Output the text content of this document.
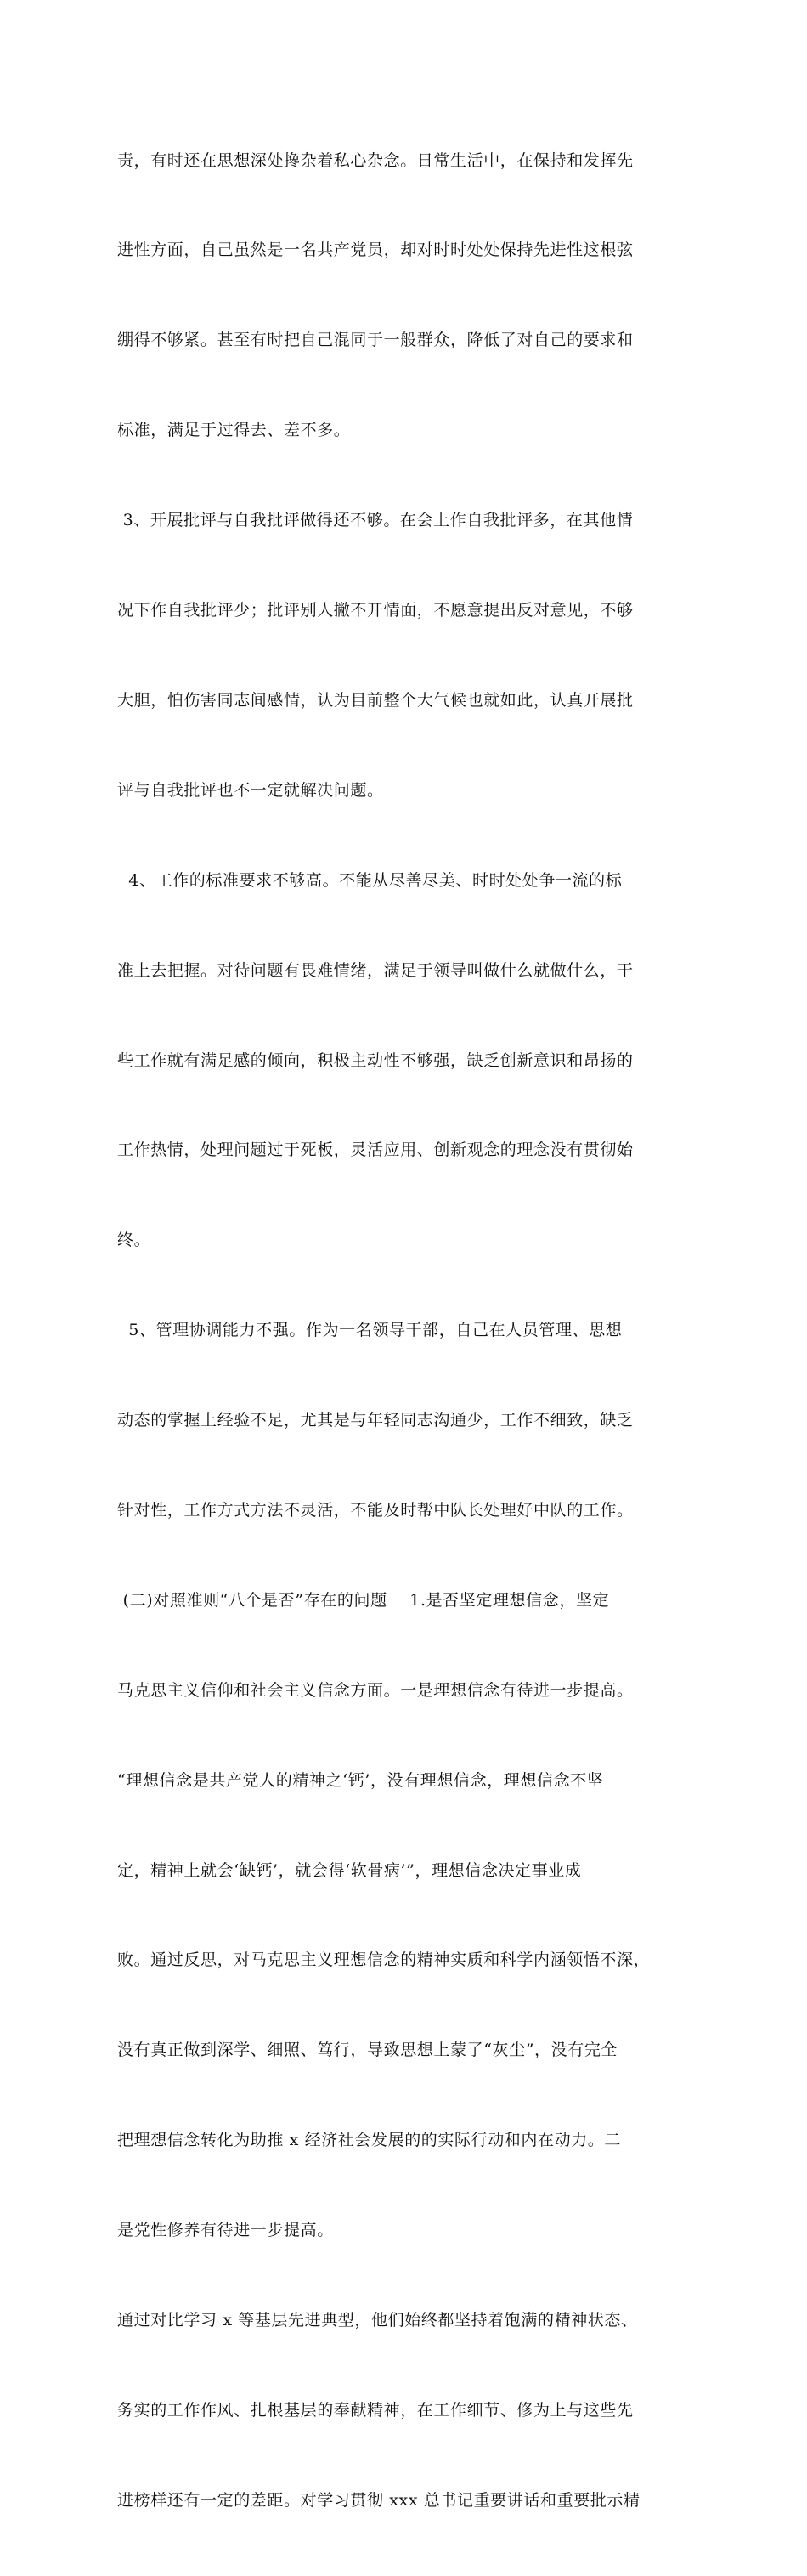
责，有时还在思想深处搀杂着私心杂念。日常生活中，在保持和发挥先

进性方面，自己虽然是一名共产党员，却对时时处处保持先进性这根弦

绷得不够紧。甚至有时把自己混同于一般群众，降低了对自己的要求和

标准，满足于过得去、差不多。

3、开展批评与自我批评做得还不够。在会上作自我批评多，在其他情

况下作自我批评少；批评别人撇不开情面，不愿意提出反对意见，不够

大胆，怕伤害同志间感情，认为目前整个大气候也就如此，认真开展批

评与自我批评也不一定就解决问题。

4、工作的标准要求不够高。不能从尽善尽美、时时处处争一流的标

准上去把握。对待问题有畏难情绪，满足于领导叫做什么就做什么，干

些工作就有满足感的倾向，积极主动性不够强，缺乏创新意识和昂扬的

工作热情，处理问题过于死板，灵活应用、创新观念的理念没有贯彻始

终。

5、管理协调能力不强。作为一名领导干部，自己在人员管理、思想

动态的掌握上经验不足，尤其是与年轻同志沟通少，工作不细致，缺乏

针对性，工作方式方法不灵活，不能及时帮中队长处理好中队的工作。

(二)对照准则“八个是否”存在的问题    1.是否坚定理想信念，坚定

马克思主义信仰和社会主义信念方面。一是理想信念有待进一步提高。

“理想信念是共产党人的精神之‘钙’，没有理想信念，理想信念不坚

定，精神上就会‘缺钙’，就会得‘软骨病’”，理想信念决定事业成

败。通过反思，对马克思主义理想信念的精神实质和科学内涵领悟不深，

没有真正做到深学、细照、笃行，导致思想上蒙了“灰尘”，没有完全

把理想信念转化为助推 x 经济社会发展的的实际行动和内在动力。二

是党性修养有待进一步提高。

通过对比学习 x 等基层先进典型，他们始终都坚持着饱满的精神状态、

务实的工作作风、扎根基层的奉献精神，在工作细节、修为上与这些先

进榜样还有一定的差距。对学习贯彻 xxx 总书记重要讲话和重要批示精
